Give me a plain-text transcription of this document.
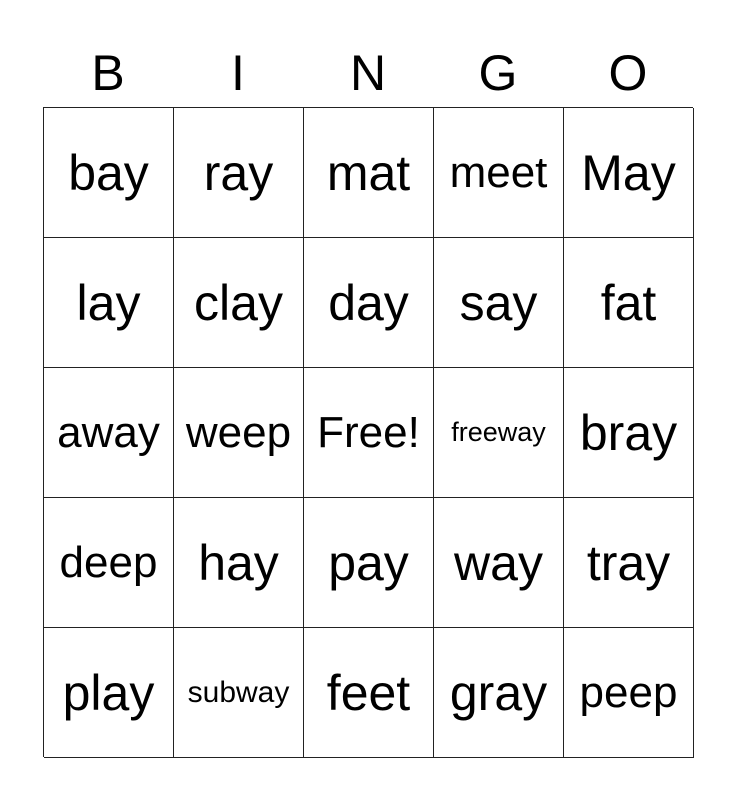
B	I	N	G	O
bay	ray	mat meet May
lay	clay day	say	fat
away weep Free!	freeway bray
deep hay pay way tray
play	subway feet gray peep
